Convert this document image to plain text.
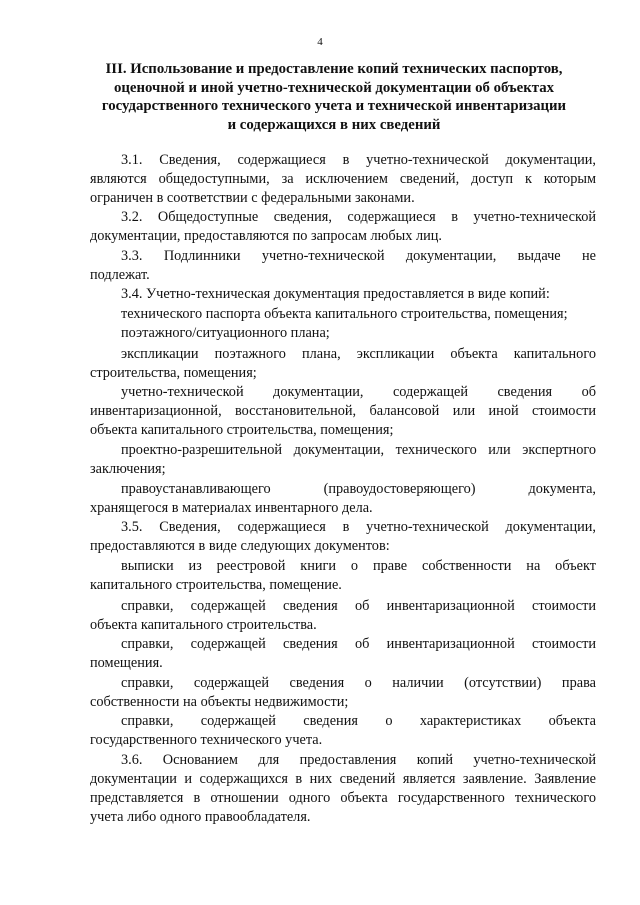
4
III. Использование и предоставление копий технических паспортов,
оценочной и иной учетно-технической документации об объектах
государственного технического учета и технической инвентаризации
и содержащихся в них сведений
3.1. Сведения, содержащиеся в учетно-технической документации,
являются общедоступными, за исключением сведений, доступ к которым
ограничен в соответствии с федеральными законами.
3.2. Общедоступные сведения, содержащиеся в учетно-технической
документации, предоставляются по запросам любых лиц.
3.3. Подлинники учетно-технической документации, выдаче не
подлежат.
3.4. Учетно-техническая документация предоставляется в виде копий:
технического паспорта объекта капитального строительства, помещения;
поэтажного/ситуационного плана;
экспликации поэтажного плана, экспликации объекта капитального
строительства, помещения;
учетно-технической документации, содержащей сведения об
инвентаризационной, восстановительной, балансовой или иной стоимости
объекта капитального строительства, помещения;
проектно-разрешительной документации, технического или экспертного
заключения;
правоустанавливающего (правоудостоверяющего) документа,
хранящегося в материалах инвентарного дела.
3.5. Сведения, содержащиеся в учетно-технической документации,
предоставляются в виде следующих документов:
выписки из реестровой книги о праве собственности на объект
капитального строительства, помещение.
справки, содержащей сведения об инвентаризационной стоимости
объекта капитального строительства.
справки, содержащей сведения об инвентаризационной стоимости
помещения.
справки, содержащей сведения о наличии (отсутствии) права
собственности на объекты недвижимости;
справки, содержащей сведения о характеристиках объекта
государственного технического учета.
3.6. Основанием для предоставления копий учетно-технической
документации и содержащихся в них сведений является заявление. Заявление
представляется в отношении одного объекта государственного технического
учета либо одного правообладателя.
